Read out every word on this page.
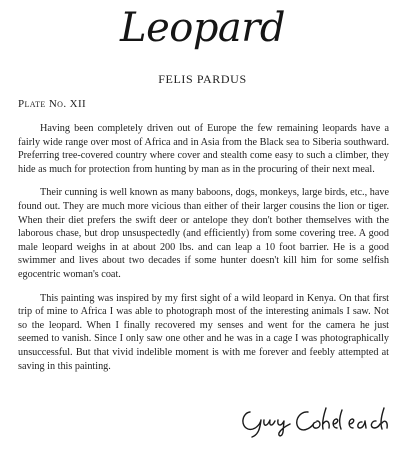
Leopard
FELIS PARDUS
Plate No. XII

Having been completely driven out of Europe the few remaining leopards have a fairly wide range over most of Africa and in Asia from the Black sea to Siberia southward. Preferring tree-covered country where cover and stealth come easy to such a climber, they hide as much for protection from hunting by man as in the procuring of their next meal.

Their cunning is well known as many baboons, dogs, monkeys, large birds, etc., have found out. They are much more vicious than either of their larger cousins the lion or tiger. When their diet prefers the swift deer or antelope they don't bother themselves with the laborous chase, but drop unsuspectedly (and efficiently) from some covering tree. A good male leopard weighs in at about 200 lbs. and can leap a 10 foot barrier. He is a good swimmer and lives about two decades if some hunter doesn't kill him for some selfish egocentric woman's coat.

This painting was inspired by my first sight of a wild leopard in Kenya. On that first trip of mine to Africa I was able to photograph most of the interesting animals I saw. Not so the leopard. When I finally recovered my senses and went for the camera he just seemed to vanish. Since I only saw one other and he was in a cage I was photographically unsuccessful. But that vivid indelible moment is with me forever and feebly attempted at saving in this painting.
